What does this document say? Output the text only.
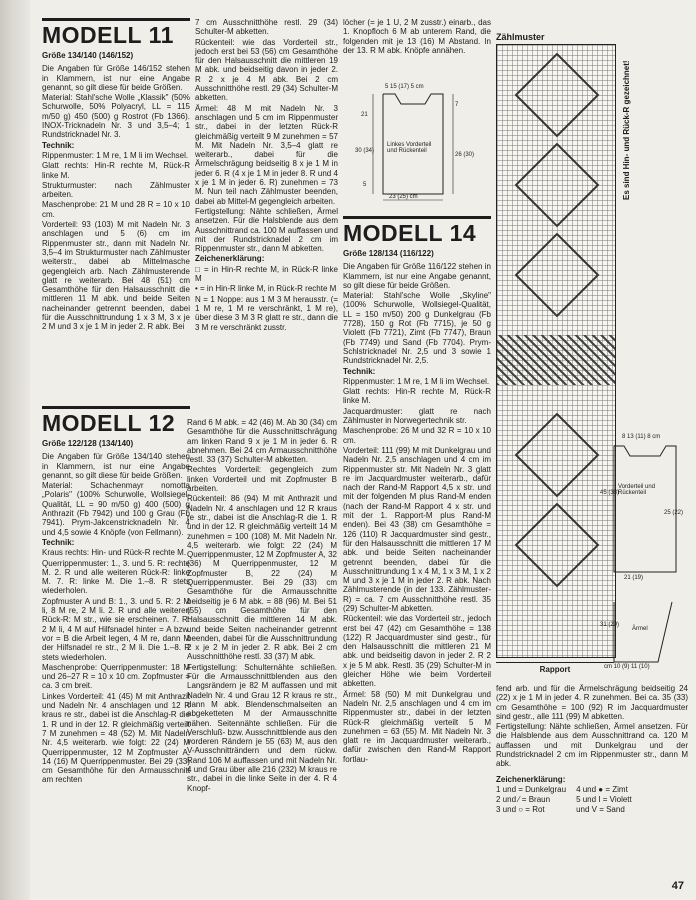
MODELL 11
Größe 134/140 (146/152)

Die Angaben für Größe 146/152 stehen in Klammern, ist nur eine Angabe genannt, so gilt diese für beide Größen.

Material: Stahl'sche Wolle „Klassik" (50% Schurwolle, 50% Polyacryl, LL = 115 m/50 g) 450 (500) g Rostrot (Fb 1366). INOX-Tricknadeln Nr. 3 und 3,5–4; 1 Rundstricknadel Nr. 3.

Technik:

Rippenmuster: 1 M re, 1 M li im Wechsel.

Glatt rechts: Hin-R rechte M, Rück-R linke M.

Strukturmuster: nach Zählmuster arbeiten.

Maschenprobe: 21 M und 28 R = 10 x 10 cm.

Vorderteil: 93 (103) M mit Nadeln Nr. 3 anschlagen und 5 (6) cm im Rippenmuster str., dann mit Nadeln Nr. 3,5–4 im Strukturmuster nach Zählmuster weiterstr., dabei ab Mittelmasche gegengleich arb. Nach Zählmusterende glatt re weiterarb. Bei 48 (51) cm Gesamthöhe für den Halsausschnitt die mittleren 11 M abk. und beide Seiten nacheinander getrennt beenden, dabei für die Ausschnittrundung 1 x 3 M, 3 x je 2 M und 3 x je 1 M in jeder 2. R abk. Bei

7 cm Ausschnitthöhe restl. 29 (34) Schulter-M abketten.

Rückenteil: wie das Vorderteil str., jedoch erst bei 53 (56) cm Gesamthöhe für den Halsausschnitt die mittleren 19 M abk. und beidseitig davon in jeder 2. R 2 x je 4 M abk. Bei 2 cm Ausschnitthöhe restl. 29 (34) Schulter-M abketten.

Ärmel: 48 M mit Nadeln Nr. 3 anschlagen und 5 cm im Rippenmuster str., dabei in der letzten Rück-R gleichmäßig verteilt 9 M zunehmen = 57 M. Mit Nadeln Nr. 3,5–4 glatt re weiterarb., dabei für die Ärmelschrägung beidseitig 8 x je 1 M in jeder 6. R (4 x je 1 M in jeder 8. R und 4 x je 1 M in jeder 6. R) zunehmen = 73 M. Nun teil nach Zählmuster beenden, dabei ab Mittel-M gegengleich arbeiten.

Fertigstellung: Nähte schließen, Ärmel ansetzen. Für die Halsblende aus dem Ausschnittrand ca. 100 M auffassen und mit der Rundstricknadel 2 cm im Rippenmuster str., dann M abketten.

Zeichenerklärung:

□ = in Hin-R rechte M, in Rück-R linke M

• = in Hin-R linke M, in Rück-R rechte M

N = 1 Noppe: aus 1 M 3 M herausstr. (= 1 M re, 1 M re verschränkt, 1 M re), über diese 3 M 3 R glatt re str., dann die 3 M re verschränkt zusstr.

löcher (= je 1 U, 2 M zusstr.) einarb., das 1. Knopfloch 6 M ab unterem Rand, die folgenden mit je 13 (16) M Abstand. In der 13. R M abk. Knöpfe annähen.

5 15 (17) 5 cm
21
30 (34)
5
Linkes Vorderteil und Rückenteil
26 (30)
7
23 (25) cm
MODELL 14
Größe 128/134 (116/122)

Die Angaben für Größe 116/122 stehen in Klammern, ist nur eine Angabe genannt, so gilt diese für beide Größen.

Material: Stahl'sche Wolle „Skyline" (100% Schurwolle, Wollsiegel-Qualität, LL = 150 m/50) 200 g Dunkelgrau (Fb 7728), 150 g Rot (Fb 7715), je 50 g Violett (Fb 7721), Zimt (Fb 7747), Braun (Fb 7749) und Sand (Fb 7704). Prym-Schlstricknadel Nr. 2,5 und 3 sowie 1 Rundstricknadel Nr. 2,5.

Technik:

Rippenmuster: 1 M re, 1 M li im Wechsel.

Glatt rechts: Hin-R rechte M, Rück-R linke M.

Jacquardmuster: glatt re nach Zählmuster in Norwegertechnik str.

Maschenprobe: 26 M und 32 R = 10 x 10 cm.

Vorderteil: 111 (99) M mit Dunkelgrau und Nadeln Nr. 2,5 anschlagen und 4 cm im Rippenmuster str. Mit Nadeln Nr. 3 glatt re im Jacquardmuster weiterarb., dafür nach der Rand-M Rapport 4,5 x str. und mit der folgenden M plus Rand-M enden (nach der Rand-M Rapport 4 x str. und mit der 1. Rapport-M plus Rand-M enden). Bei 43 (38) cm Gesamthöhe = 126 (110) R Jacquardmuster sind gestr., für den Halsausschnitt die mittleren 17 M abk. und beide Seiten nacheinander getrennt beenden, dabei für die Ausschnittrundung 1 x 4 M, 1 x 3 M, 1 x 2 M und 3 x je 1 M in jeder 2. R abk. Nach Zählmusterende (in der 133. Zählmuster-R) = ca. 7 cm Ausschnitthöhe restl. 35 (29) Schulter-M abketten.

Rückenteil: wie das Vorderteil str., jedoch erst bei 47 (42) cm Gesamthöhe = 138 (122) R Jacquardmuster sind gestr., für den Halsausschnitt die mittleren 21 M abk. und beidseitig davon in jeder 2. R 2 x je 5 M abk. Restl. 35 (29) Schulter-M in gleicher Höhe wie beim Vorderteil abketten.

Ärmel: 58 (50) M mit Dunkelgrau und Nadeln Nr. 2,5 anschlagen und 4 cm im Rippenmuster str., dabei in der letzten Rück-R gleichmäßig verteilt 5 M zunehmen = 63 (55) M. Mit Nadeln Nr. 3 glatt re im Jacquardmuster weiterarb., dafür zwischen den Rand-M Rapport fortlau-

MODELL 12
Größe 122/128 (134/140)

Die Angaben für Größe 134/140 stehen in Klammern, ist nur eine Angabe genannt, so gilt diese für beide Größen.

Material: Schachenmayr nomotta „Polaris" (100% Schurwolle, Wollsiegel-Qualität, LL = 90 m/50 g) 400 (500) g Anthrazit (Fb 7942) und 100 g Grau (Fb 7941). Prym-Jakcenstricknadeln Nr. 4 und 4,5 sowie 4 Knöpfe (von Fellmann).

Technik:

Kraus rechts: Hin- und Rück-R rechte M.

Querrippenmuster: 1., 3. und 5. R: rechte M. 2. R und alle weiteren Rück-R: linke M. 7. R: linke M. Die 1.–8. R stets wiederholen.

Zopfmuster A und B: 1., 3. und 5. R: 2 M li, 8 M re, 2 M li. 2. R und alle weiteren Rück-R: M str., wie sie erscheinen. 7. R: 2 M li, 4 M auf Hilfsnadel hinter = A bzw. vor = B die Arbeit legen, 4 M re, dann M der Hilfsnadel re str., 2 M li. Die 1.–8. R stets wiederholen.

Maschenprobe: Querrippenmuster: 18 M und 26–27 R = 10 x 10 cm. Zopfmuster = ca. 3 cm breit.

Linkes Vorderteil: 41 (45) M mit Anthrazit und Nadeln Nr. 4 anschlagen und 12 R kraus re str., dabei ist die Anschlag-R die 1. R und in der 12. R gleichmäßig verteilt 7 M zunehmen = 48 (52) M. Mit Nadeln Nr. 4,5 weiterarb. wie folgt: 22 (24) M Querrippenmuster, 12 M Zopfmuster A, 14 (16) M Querrippenmuster. Bei 29 (33) cm Gesamthöhe für den Armausschnitt am rechten

Rand 6 M abk. = 42 (46) M. Ab 30 (34) cm Gesamthöhe für die Ausschnittschrägung am linken Rand 9 x je 1 M in jeder 6. R abnehmen. Bei 24 cm Armausschnitthöhe restl. 33 (37) Schulter-M abketten.

Rechtes Vorderteil: gegengleich zum linken Vorderteil und mit Zopfmuster B arbeiten.

Rückenteil: 86 (94) M mit Anthrazit und Nadeln Nr. 4 anschlagen und 12 R kraus re str., dabei ist die Anschlag-R die 1. R und in der 12. R gleichmäßig verteilt 14 M zunehmen = 100 (108) M. Mit Nadeln Nr. 4,5 weiterarb. wie folgt: 22 (24) M Querrippenmuster, 12 M Zopfmuster A, 32 (36) M Querrippenmuster, 12 M Zopfmuster B, 22 (24) M Querrippenmuster. Bei 29 (33) cm Gesamthöhe für die Armausschnitte beidseitig je 6 M abk. = 88 (96) M. Bei 51 (55) cm Gesamthöhe für den Halsausschnitt die mittleren 14 M abk. und beide Seiten nacheinander getrennt beenden, dabei für die Ausschnittrundung 2 x je 2 M in jeder 2. R abk. Bei 2 cm Ausschnitthöhe restl. 33 (37) M abk.

Fertigstellung: Schulternähte schließen. Für die Armausschnittblenden aus den Langsrändern je 82 M auffassen und mit Nadeln Nr. 4 und Grau 12 R kraus re str., dann M abk. Blendenschmalseiten an abgeketteten M der Armausschnitte nähen. Seitennähte schließen. Für die Verschluß- bzw. Ausschnittblende aus den vorderen Rändern je 55 (63) M, aus den V-Ausschnitträndern und dem rückw. Rand 106 M auffassen und mit Nadeln Nr. 4 und Grau über alle 216 (232) M kraus re str., dabei in die linke Seite in der 4. R 4 Knopf-

Zählmuster
Es sind Hin- und Rück-R gezeichnet!
Rapport
8 13 (11) 8 cm
45 (38)
Vorderteil und Rückenteil
25 (22)
21 (19)
31 (29)
Ärmel
cm 10 (9) 11 (10)

fend arb. und für die Ärmelschrägung beidseitig 24 (22) x je 1 M in jeder 4. R zunehmen. Bei ca. 35 (33) cm Gesamthöhe = 100 (92) R im Jacquardmuster sind gestr., alle 111 (99) M abketten.

Fertigstellung: Nähte schließen, Ärmel ansetzen. Für die Halsblende aus dem Ausschnittrand ca. 120 M auffassen und mit Dunkelgrau und der Rundstricknadel 2 cm im Rippenmuster str., dann M abk.

Zeichenerklärung:

1 und = Dunkelgrau
2 und ⁄ = Braun
3 und ○ = Rot
4 und ● = Zimt
5 und I = Violett
und V = Sand
47
